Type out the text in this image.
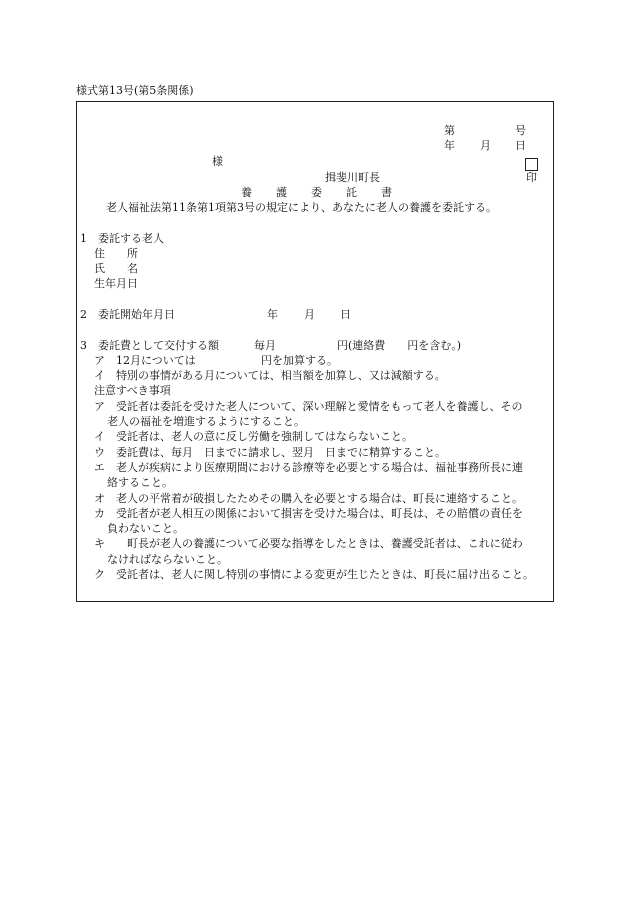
様式第13号(第5条関係)
第	号
年 月 日
様
揖斐川町長	印
養 護 委 託 書
老人福祉法第11条第1項第3号の規定により、あなたに老人の養護を委託する。
1　委託する老人
住　　所
氏　　名
生年月日
2　委託開始年月日	年 月 日
3　委託費として交付する額	毎月	円(連絡費　　円を含む。)
ア　12月については	円を加算する。
イ　特別の事情がある月については、相当額を加算し、又は減額する。
注意すべき事項
ア　受託者は委託を受けた老人について、深い理解と愛情をもって老人を養護し、その
老人の福祉を増進するようにすること。
イ　受託者は、老人の意に反し労働を強制してはならないこと。
ウ　委託費は、毎月　日までに請求し、翌月　日までに精算すること。
エ　老人が疾病により医療期間における診療等を必要とする場合は、福祉事務所長に連
絡すること。
オ　老人の平常着が破損したためその購入を必要とする場合は、町長に連絡すること。
カ　受託者が老人相互の関係において損害を受けた場合は、町長は、その賠償の責任を
負わないこと。
キ　　町長が老人の養護について必要な指導をしたときは、養護受託者は、これに従わ
なければならないこと。
ク　受託者は、老人に関し特別の事情による変更が生じたときは、町長に届け出ること。
